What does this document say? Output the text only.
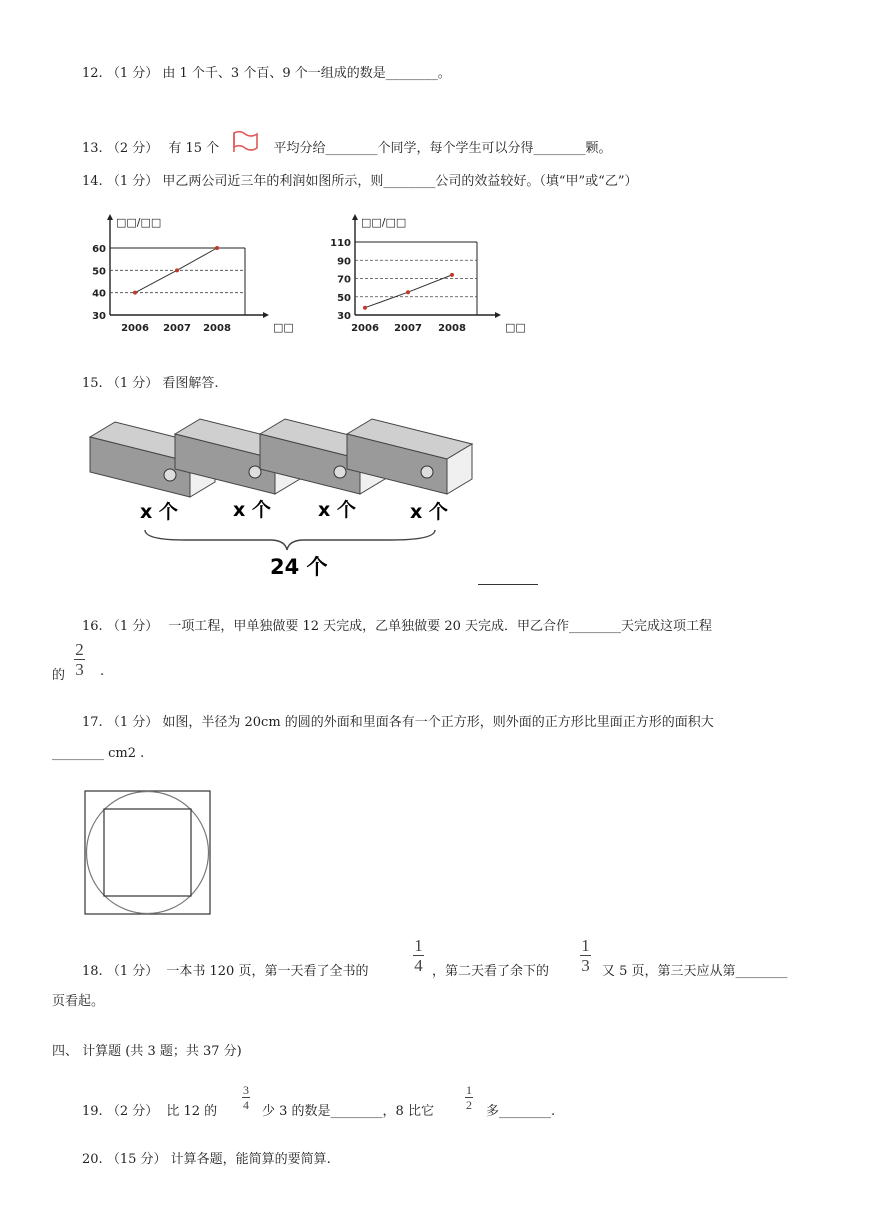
12. （1 分） 由 1 个千、3 个百、9 个一组成的数是________。
13. （2 分） 有 15 个	平均分给________个同学，每个学生可以分得________颗。
14. （1 分） 甲乙两公司近三年的利润如图所示，则________公司的效益较好。（填“甲”或“乙”）
30
40
50
60
2006 2007 2008
□□/□□
□□
30
50
70
90
110
2006 2007 2008
□□/□□
□□
15. （1 分） 看图解答.
x 个	x 个 x 个	x 个
24 个
16. （1 分） 一项工程，甲单独做要 12 天完成，乙单独做要 20 天完成．甲乙合作________天完成这项工程
的
2
3 .
17. （1 分） 如图，半径为 20cm 的圆的外面和里面各有一个正方形，则外面的正方形比里面正方形的面积大
________ cm2 .
18. （1 分） 一本书 120 页，第一天看了全书的
1
4 ，第二天看了余下的
1
3 又 5 页，第三天应从第________
页看起。
四、 计算题 (共 3 题；共 37 分)
19. （2 分） 比 12 的
3
4 少 3 的数是________，8 比它
1
2 多________.
20. （15 分） 计算各题，能简算的要简算.
